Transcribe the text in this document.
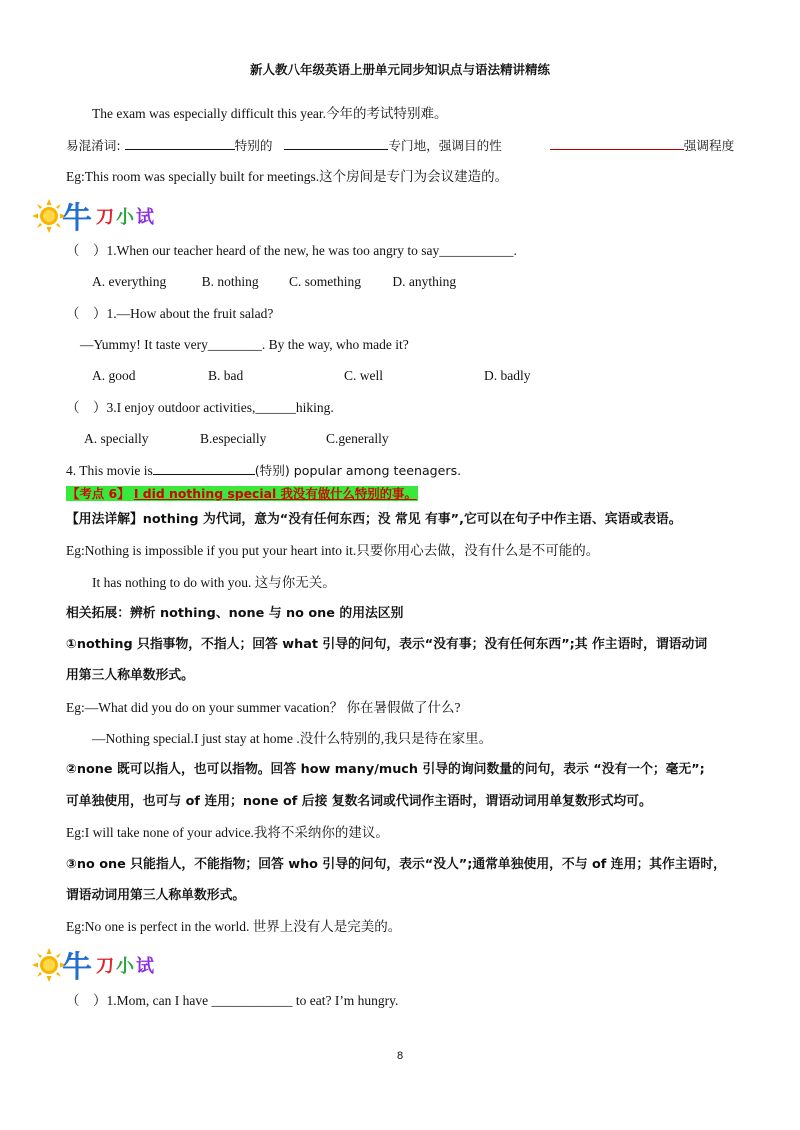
新人教八年级英语上册单元同步知识点与语法精讲精练
The exam was especially difficult this year.今年的考试特别难。
易混淆词:	特别的	专门地，强调目的性	强调程度
Eg:This room was specially built for meetings.这个房间是专门为会议建造的。
牛 刀 小 试
（　）1.When our teacher heard of the new, he was too angry to say___________.
A. everything	B. nothing C. something D. anything
（　）1.—How about the fruit salad?
—Yummy! It taste very________. By the way, who made it?
A. good	B. bad	C. well	D. badly
（　）3.I enjoy outdoor activities,______hiking.
A. specially	B.especially	C.generally
4. This movie is	(特别) popular among teenagers.
【考点 6】 I did nothing special 我没有做什么特别的事。
【用法详解】nothing 为代词，意为“没有任何东西；没 常见 有事”,它可以在句子中作主语、宾语或表语。
Eg:Nothing is impossible if you put your heart into it.只要你用心去做，没有什么是不可能的。
It has nothing to do with you. 这与你无关。
相关拓展：辨析 nothing、none 与 no one 的用法区别
①nothing 只指事物，不指人；回答 what 引导的问句，表示“没有事；没有任何东西”;其 作主语时，谓语动词
用第三人称单数形式。
Eg:—What did you do on your summer vacation？ 你在暑假做了什么?
—Nothing special.I just stay at home .没什么特别的,我只是待在家里。
②none 既可以指人，也可以指物。回答 how many/much 引导的询问数量的问句，表示 “没有一个；毫无”;
可单独使用，也可与 of 连用；none of 后接 复数名词或代词作主语时，谓语动词用单复数形式均可。
Eg:I will take none of your advice.我将不采纳你的建议。
③no one 只能指人，不能指物；回答 who 引导的问句，表示“没人”;通常单独使用，不与 of 连用；其作主语时，
谓语动词用第三人称单数形式。
Eg:No one is perfect in the world. 世界上没有人是完美的。
牛 刀 小 试
（　）1.Mom, can I have ____________ to eat? I’m hungry.
8
